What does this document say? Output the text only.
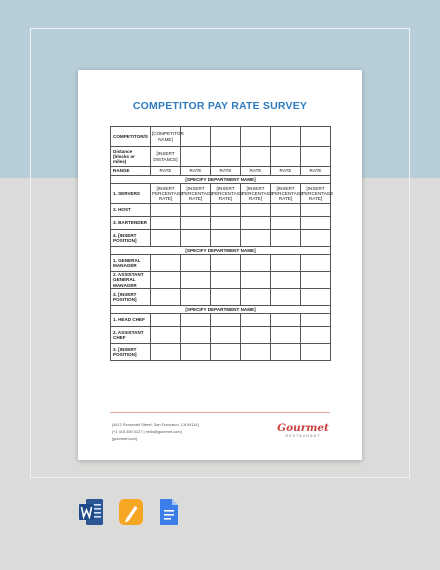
COMPETITOR PAY RATE SURVEY
COMPETITOR/S	[COMPETITOR NAME]					
Distance (blocks or miles)	[INSERT DISTANCE]					
RANGE	RATE	RATE	RATE	RATE	RATE	RATE
[SPECIFY DEPARTMENT NAME]						
1. SERVERS	[INSERT PERCENTAGE RATE]	[INSERT PERCENTAGE RATE]	[INSERT PERCENTAGE RATE]	[INSERT PERCENTAGE RATE]	[INSERT PERCENTAGE RATE]	[INSERT PERCENTAGE RATE]
2. HOST						
3. BARTENDER						
4. [INSERT POSITION]						
[SPECIFY DEPARTMENT NAME]						
1. GENERAL MANAGER						
2. ASSISTANT GENERAL MANAGER						
3. [INSERT POSITION]						
[SPECIFY DEPARTMENT NAME]						
1. HEAD CHEF						
2. ASSISTANT CHEF						
3. [INSERT POSITION]						
[4412 Roosevelt Street, San Francisco, CA 94114]
[+1 415 359 5127 | hello@gourmet.com]
[gourmet.com]
Gourmet
RESTAURANT
